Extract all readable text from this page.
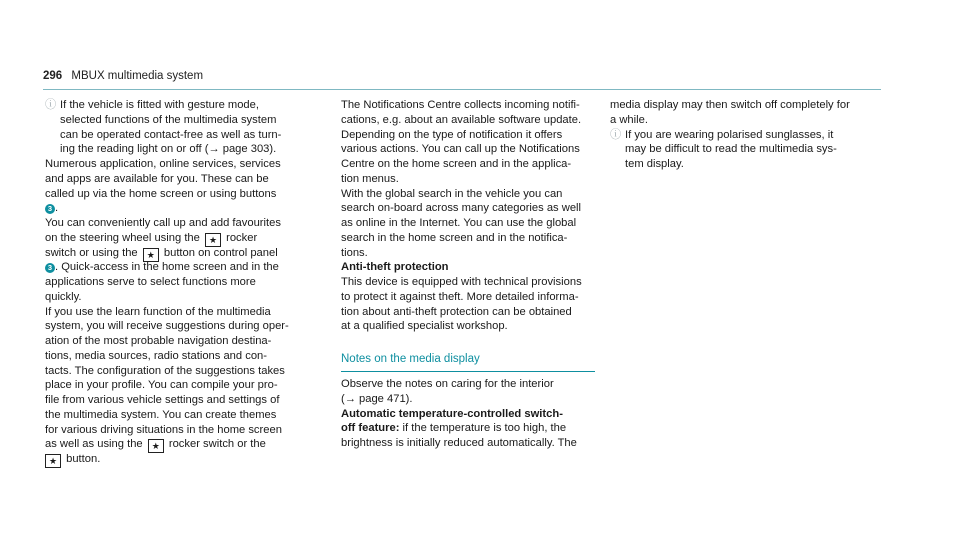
296 MBUX multimedia system
ⓘ If the vehicle is fitted with gesture mode,
selected functions of the multimedia system
can be operated contact-free as well as turn-
ing the reading light on or off (→ page 303).
Numerous application, online services, services
and apps are available for you. These can be
called up via the home screen or using buttons
3 .
You can conveniently call up and add favourites
on the steering wheel using the ★ rocker
switch or using the ★ button on control panel
3 . Quick-access in the home screen and in the
applications serve to select functions more
quickly.
If you use the learn function of the multimedia
system, you will receive suggestions during oper-
ation of the most probable navigation destina-
tions, media sources, radio stations and con-
tacts. The configuration of the suggestions takes
place in your profile. You can compile your pro-
file from various vehicle settings and settings of
the multimedia system. You can create themes
for various driving situations in the home screen
as well as using the ★ rocker switch or the
★ button.
The Notifications Centre collects incoming notifi-
cations, e.g. about an available software update.
Depending on the type of notification it offers
various actions. You can call up the Notifications
Centre on the home screen and in the applica-
tion menus.
With the global search in the vehicle you can
search on-board across many categories as well
as online in the Internet. You can use the global
search in the home screen and in the notifica-
tions.
Anti-theft protection
This device is equipped with technical provisions
to protect it against theft. More detailed informa-
tion about anti-theft protection can be obtained
at a qualified specialist workshop.
Notes on the media display
Observe the notes on caring for the interior
(→ page 471).
Automatic temperature-controlled switch-
off feature: if the temperature is too high, the
brightness is initially reduced automatically. The
media display may then switch off completely for
a while.
ⓘ If you are wearing polarised sunglasses, it
may be difficult to read the multimedia sys-
tem display.
